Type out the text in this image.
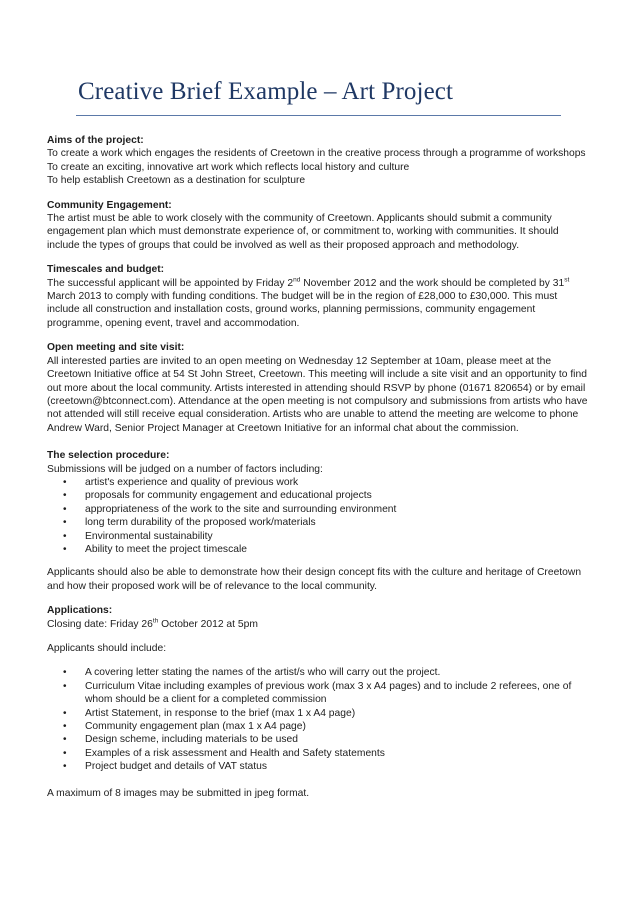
Creative Brief Example – Art Project
Aims of the project:
To create a work which engages the residents of Creetown in the creative process through a programme of workshops
To create an exciting, innovative art work which reflects local history and culture
To help establish Creetown as a destination for sculpture
Community Engagement:
The artist must be able to work closely with the community of Creetown. Applicants should submit a community engagement plan which must demonstrate experience of, or commitment to, working with communities. It should include the types of groups that could be involved as well as their proposed approach and methodology.
Timescales and budget:
The successful applicant will be appointed by Friday 2nd November 2012 and the work should be completed by 31st March 2013 to comply with funding conditions. The budget will be in the region of £28,000 to £30,000. This must include all construction and installation costs, ground works, planning permissions, community engagement programme, opening event, travel and accommodation.
Open meeting and site visit:
All interested parties are invited to an open meeting on Wednesday 12 September at 10am, please meet at the Creetown Initiative office at 54 St John Street, Creetown. This meeting will include a site visit and an opportunity to find out more about the local community. Artists interested in attending should RSVP by phone (01671 820654) or by email (creetown@btconnect.com). Attendance at the open meeting is not compulsory and submissions from artists who have not attended will still receive equal consideration. Artists who are unable to attend the meeting are welcome to phone Andrew Ward, Senior Project Manager at Creetown Initiative for an informal chat about the commission.
The selection procedure:
Submissions will be judged on a number of factors including:
• artist's experience and quality of previous work
• proposals for community engagement and educational projects
• appropriateness of the work to the site and surrounding environment
• long term durability of the proposed work/materials
• Environmental sustainability
• Ability to meet the project timescale
Applicants should also be able to demonstrate how their design concept fits with the culture and heritage of Creetown and how their proposed work will be of relevance to the local community.
Applications:
Closing date: Friday 26th October 2012 at 5pm
Applicants should include:
• A covering letter stating the names of the artist/s who will carry out the project.
• Curriculum Vitae including examples of previous work (max 3 x A4 pages) and to include 2 referees, one of whom should be a client for a completed commission
• Artist Statement, in response to the brief (max 1 x A4 page)
• Community engagement plan (max 1 x A4 page)
• Design scheme, including materials to be used
• Examples of a risk assessment and Health and Safety statements
• Project budget and details of VAT status
A maximum of 8 images may be submitted in jpeg format.
